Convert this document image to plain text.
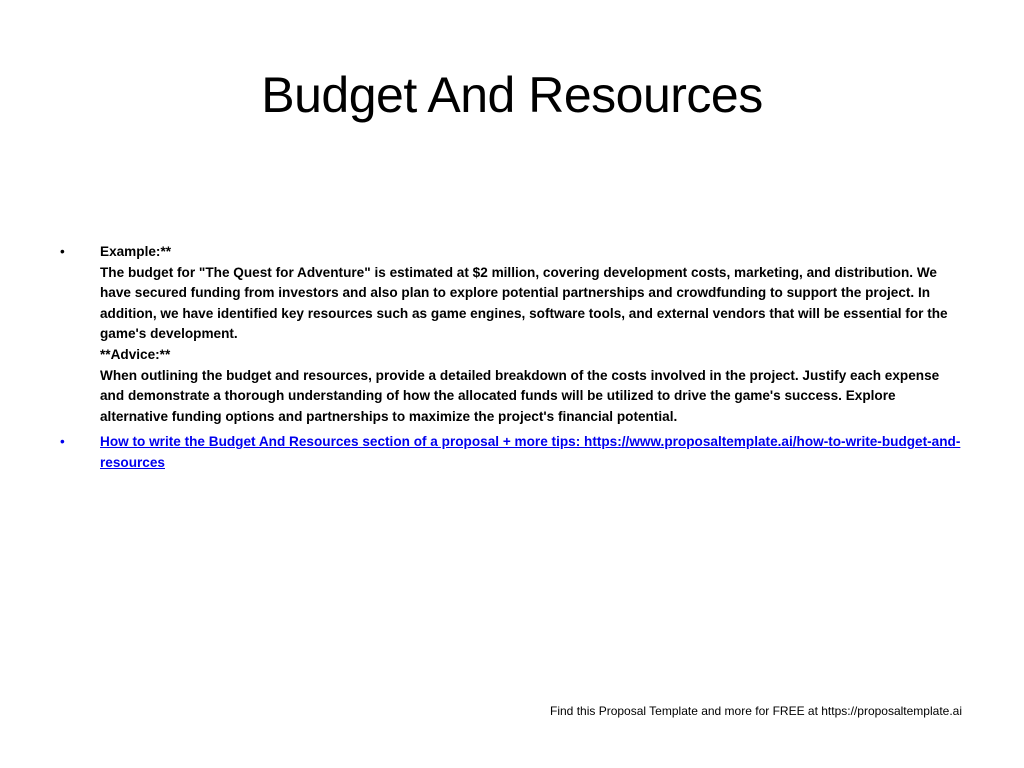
Budget And Resources
•	Example:**
The budget for "The Quest for Adventure" is estimated at $2 million, covering development costs, marketing, and distribution. We have secured funding from investors and also plan to explore potential partnerships and crowdfunding to support the project. In addition, we have identified key resources such as game engines, software tools, and external vendors that will be essential for the game's development.
**Advice:**
When outlining the budget and resources, provide a detailed breakdown of the costs involved in the project. Justify each expense and demonstrate a thorough understanding of how the allocated funds will be utilized to drive the game's success. Explore alternative funding options and partnerships to maximize the project's financial potential.
•	How to write the Budget And Resources section of a proposal + more tips: https://www.proposaltemplate.ai/how-to-write-budget-and-resources
Find this Proposal Template and more for FREE at https://proposaltemplate.ai
